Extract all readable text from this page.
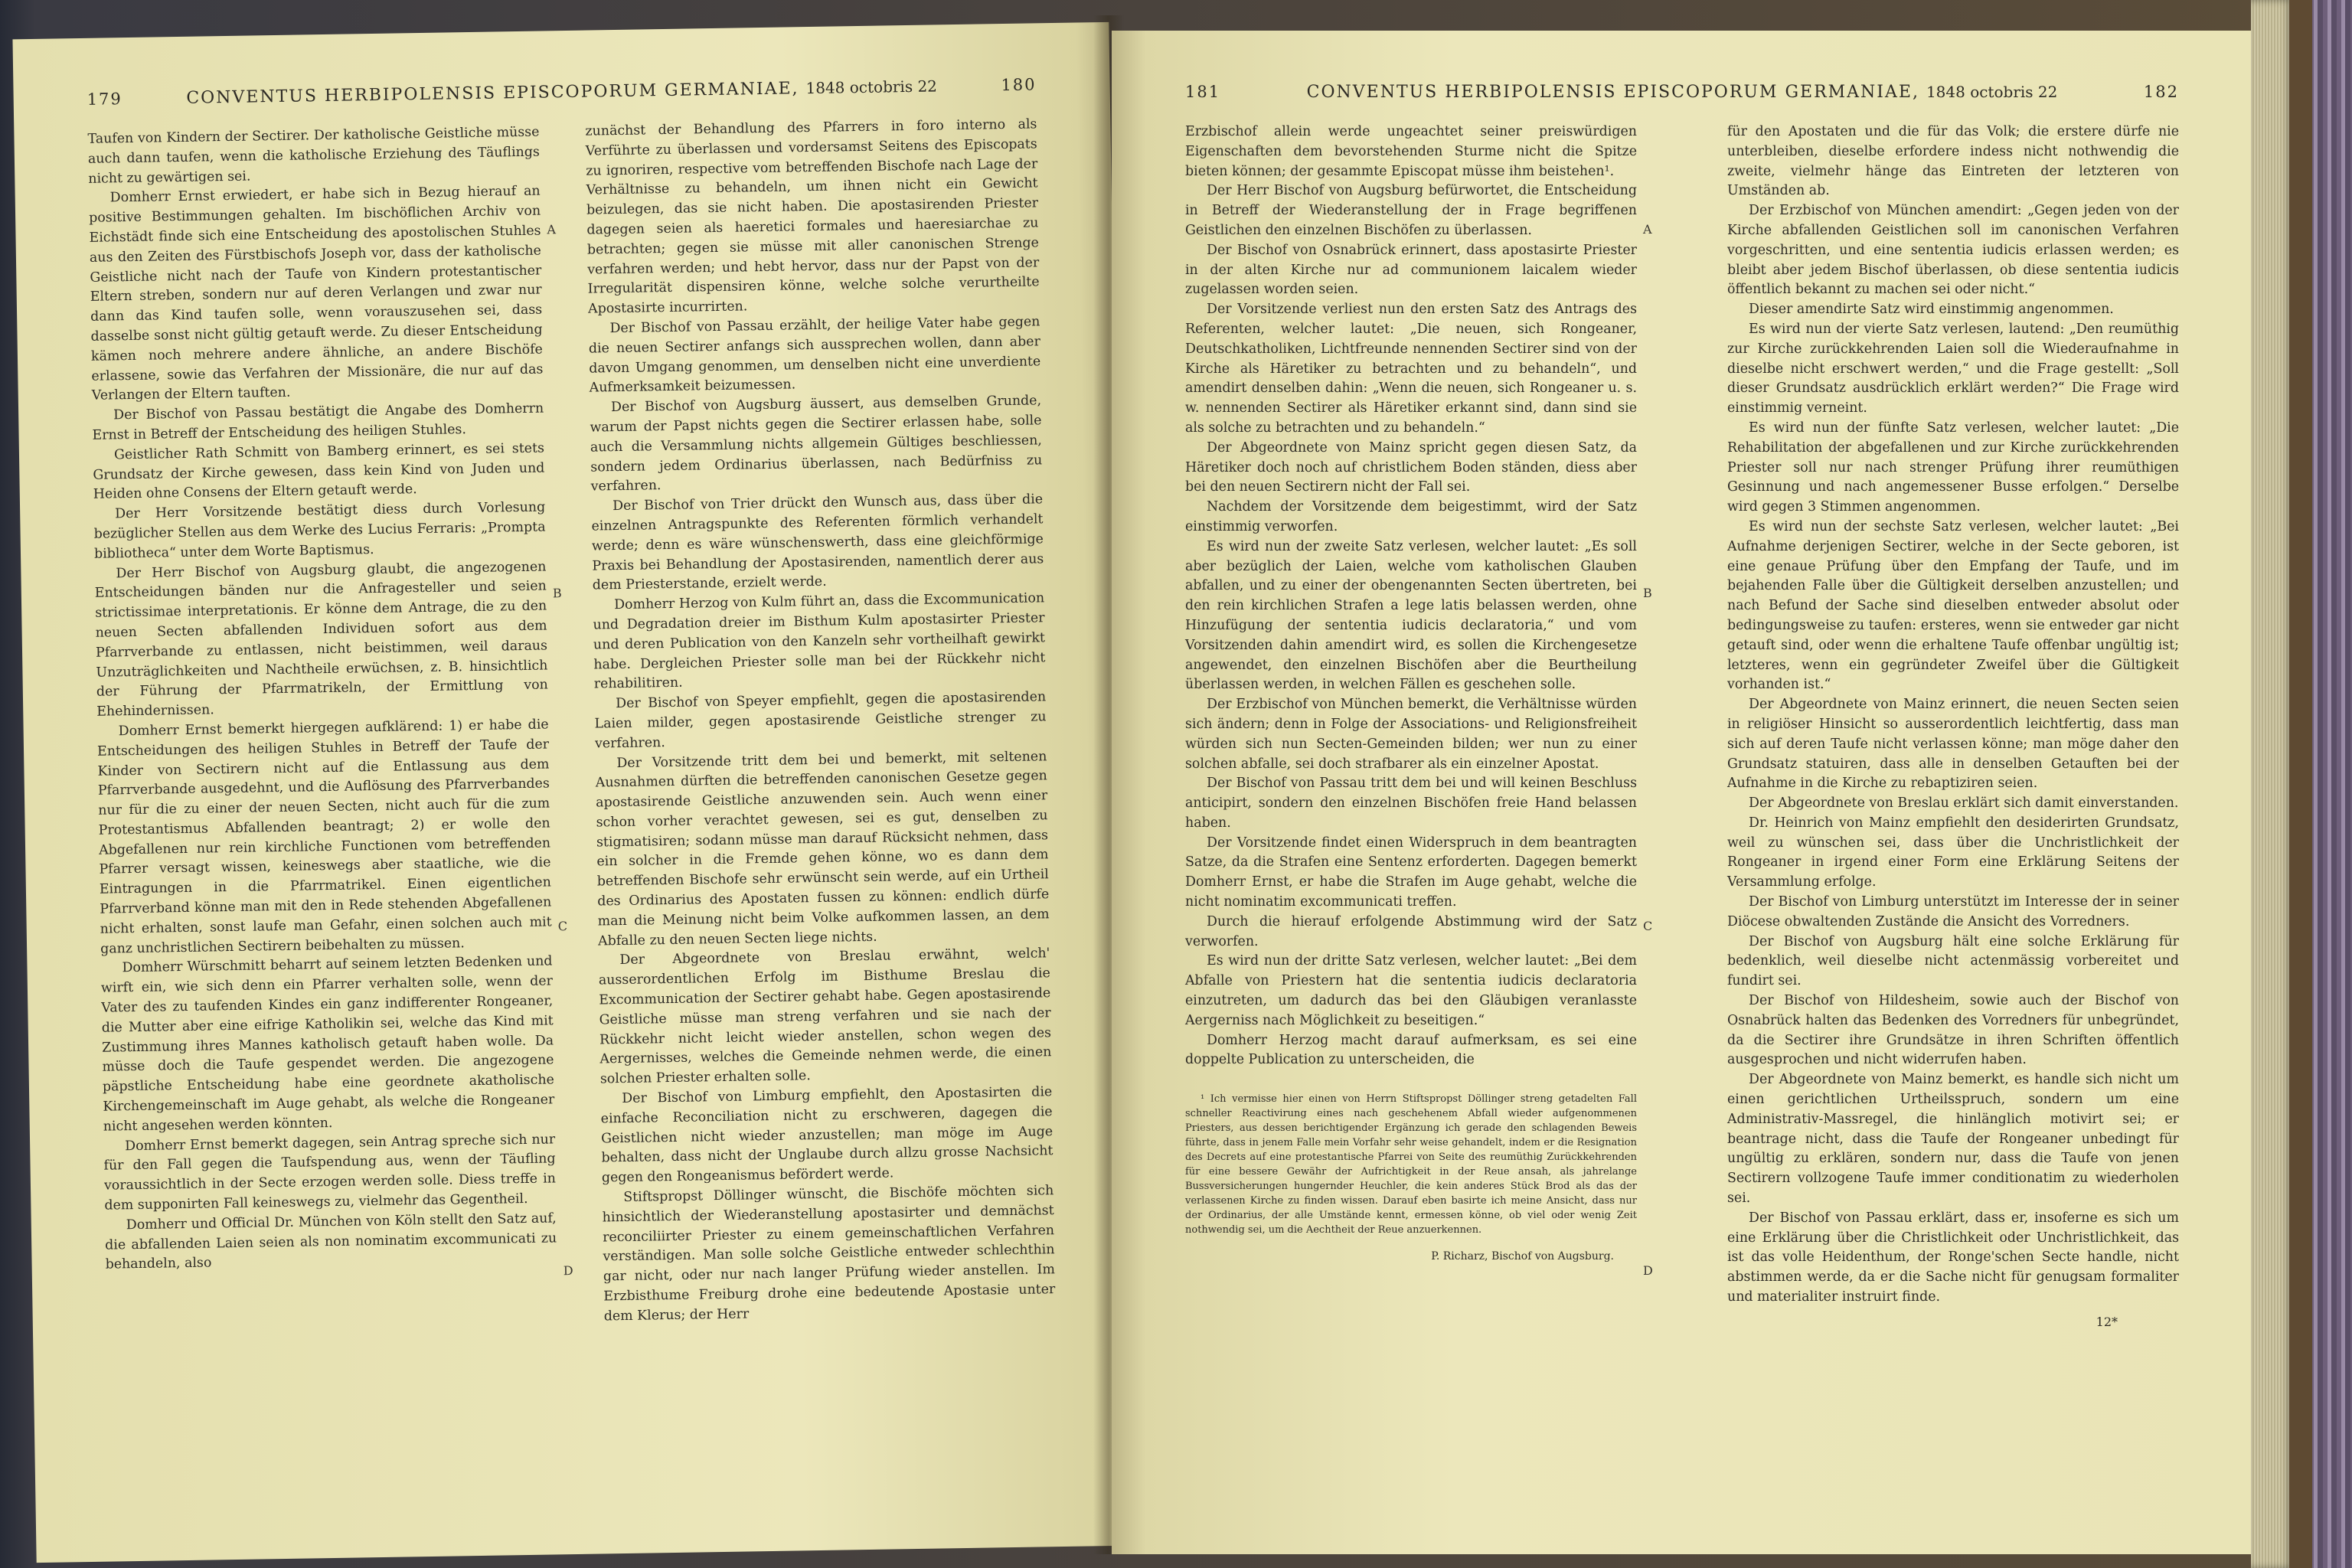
179	CONVENTUS HERBIPOLENSIS EPISCOPORUM GERMANIAE, 1848 octobris 22	180

Taufen von Kindern der Sectirer. Der katholische Geistliche müsse auch dann taufen, wenn die katholische Erziehung des Täuflings nicht zu gewärtigen sei.

Domherr Ernst erwiedert, er habe sich in Bezug hierauf an positive Bestimmungen gehalten. Im bischöflichen Archiv von Eichstädt finde sich eine Entscheidung des apostolischen Stuhles aus den Zeiten des Fürstbischofs Joseph vor, dass der katholische Geistliche nicht nach der Taufe von Kindern protestantischer Eltern streben, sondern nur auf deren Verlangen und zwar nur dann das Kind taufen solle, wenn vorauszusehen sei, dass dasselbe sonst nicht gültig getauft werde. Zu dieser Entscheidung kämen noch mehrere andere ähnliche, an andere Bischöfe erlassene, sowie das Verfahren der Missionäre, die nur auf das Verlangen der Eltern tauften.

Der Bischof von Passau bestätigt die Angabe des Domherrn Ernst in Betreff der Entscheidung des heiligen Stuhles.

Geistlicher Rath Schmitt von Bamberg erinnert, es sei stets Grundsatz der Kirche gewesen, dass kein Kind von Juden und Heiden ohne Consens der Eltern getauft werde.

Der Herr Vorsitzende bestätigt diess durch Vorlesung bezüglicher Stellen aus dem Werke des Lucius Ferraris: „Prompta bibliotheca“ unter dem Worte Baptismus.

Der Herr Bischof von Augsburg glaubt, die angezogenen Entscheidungen bänden nur die Anfragesteller und seien strictissimae interpretationis. Er könne dem Antrage, die zu den neuen Secten abfallenden Individuen sofort aus dem Pfarrverbande zu entlassen, nicht beistimmen, weil daraus Unzuträglichkeiten und Nachtheile erwüchsen, z. B. hinsichtlich der Führung der Pfarrmatrikeln, der Ermittlung von Ehehindernissen.

Domherr Ernst bemerkt hiergegen aufklärend: 1) er habe die Entscheidungen des heiligen Stuhles in Betreff der Taufe der Kinder von Sectirern nicht auf die Entlassung aus dem Pfarrverbande ausgedehnt, und die Auflösung des Pfarrverbandes nur für die zu einer der neuen Secten, nicht auch für die zum Protestantismus Abfallenden beantragt; 2) er wolle den Abgefallenen nur rein kirchliche Functionen vom betreffenden Pfarrer versagt wissen, keineswegs aber staatliche, wie die Eintragungen in die Pfarrmatrikel. Einen eigentlichen Pfarrverband könne man mit den in Rede stehenden Abgefallenen nicht erhalten, sonst laufe man Gefahr, einen solchen auch mit ganz unchristlichen Sectirern beibehalten zu müssen.

Domherr Würschmitt beharrt auf seinem letzten Bedenken und wirft ein, wie sich denn ein Pfarrer verhalten solle, wenn der Vater des zu taufenden Kindes ein ganz indifferenter Rongeaner, die Mutter aber eine eifrige Katholikin sei, welche das Kind mit Zustimmung ihres Mannes katholisch getauft haben wolle. Da müsse doch die Taufe gespendet werden. Die angezogene päpstliche Entscheidung habe eine geordnete akatholische Kirchengemeinschaft im Auge gehabt, als welche die Rongeaner nicht angesehen werden könnten.

Domherr Ernst bemerkt dagegen, sein Antrag spreche sich nur für den Fall gegen die Taufspendung aus, wenn der Täufling voraussichtlich in der Secte erzogen werden solle. Diess treffe in dem supponirten Fall keineswegs zu, vielmehr das Gegentheil.

Domherr und Official Dr. München von Köln stellt den Satz auf, die abfallenden Laien seien als non nominatim excommunicati zu behandeln, also

zunächst der Behandlung des Pfarrers in foro interno als Verführte zu überlassen und vordersamst Seitens des Episcopats zu ignoriren, respective vom betreffenden Bischofe nach Lage der Verhältnisse zu behandeln, um ihnen nicht ein Gewicht beizulegen, das sie nicht haben. Die apostasirenden Priester dagegen seien als haeretici formales und haeresiarchae zu betrachten; gegen sie müsse mit aller canonischen Strenge verfahren werden; und hebt hervor, dass nur der Papst von der Irregularität dispensiren könne, welche solche verurtheilte Apostasirte incurrirten.

Der Bischof von Passau erzählt, der heilige Vater habe gegen die neuen Sectirer anfangs sich aussprechen wollen, dann aber davon Umgang genommen, um denselben nicht eine unverdiente Aufmerksamkeit beizumessen.

Der Bischof von Augsburg äussert, aus demselben Grunde, warum der Papst nichts gegen die Sectirer erlassen habe, solle auch die Versammlung nichts allgemein Gültiges beschliessen, sondern jedem Ordinarius überlassen, nach Bedürfniss zu verfahren.

Der Bischof von Trier drückt den Wunsch aus, dass über die einzelnen Antragspunkte des Referenten förmlich verhandelt werde; denn es wäre wünschenswerth, dass eine gleichförmige Praxis bei Behandlung der Apostasirenden, namentlich derer aus dem Priesterstande, erzielt werde.

Domherr Herzog von Kulm führt an, dass die Excommunication und Degradation dreier im Bisthum Kulm apostasirter Priester und deren Publication von den Kanzeln sehr vortheilhaft gewirkt habe. Dergleichen Priester solle man bei der Rückkehr nicht rehabilitiren.

Der Bischof von Speyer empfiehlt, gegen die apostasirenden Laien milder, gegen apostasirende Geistliche strenger zu verfahren.

Der Vorsitzende tritt dem bei und bemerkt, mit seltenen Ausnahmen dürften die betreffenden canonischen Gesetze gegen apostasirende Geistliche anzuwenden sein. Auch wenn einer schon vorher verachtet gewesen, sei es gut, denselben zu stigmatisiren; sodann müsse man darauf Rücksicht nehmen, dass ein solcher in die Fremde gehen könne, wo es dann dem betreffenden Bischofe sehr erwünscht sein werde, auf ein Urtheil des Ordinarius des Apostaten fussen zu können: endlich dürfe man die Meinung nicht beim Volke aufkommen lassen, an dem Abfalle zu den neuen Secten liege nichts.

Der Abgeordnete von Breslau erwähnt, welch' ausserordentlichen Erfolg im Bisthume Breslau die Excommunication der Sectirer gehabt habe. Gegen apostasirende Geistliche müsse man streng verfahren und sie nach der Rückkehr nicht leicht wieder anstellen, schon wegen des Aergernisses, welches die Gemeinde nehmen werde, die einen solchen Priester erhalten solle.

Der Bischof von Limburg empfiehlt, den Apostasirten die einfache Reconciliation nicht zu erschweren, dagegen die Geistlichen nicht wieder anzustellen; man möge im Auge behalten, dass nicht der Unglaube durch allzu grosse Nachsicht gegen den Rongeanismus befördert werde.

Stiftspropst Döllinger wünscht, die Bischöfe möchten sich hinsichtlich der Wiederanstellung apostasirter und demnächst reconciliirter Priester zu einem gemeinschaftlichen Verfahren verständigen. Man solle solche Geistliche entweder schlechthin gar nicht, oder nur nach langer Prüfung wieder anstellen. Im Erzbisthume Freiburg drohe eine bedeutende Apostasie unter dem Klerus; der Herr

A
B
C
D
181	CONVENTUS HERBIPOLENSIS EPISCOPORUM GERMANIAE, 1848 octobris 22	182

Erzbischof allein werde ungeachtet seiner preiswürdigen Eigenschaften dem bevorstehenden Sturme nicht die Spitze bieten können; der gesammte Episcopat müsse ihm beistehen¹.

Der Herr Bischof von Augsburg befürwortet, die Entscheidung in Betreff der Wiederanstellung der in Frage begriffenen Geistlichen den einzelnen Bischöfen zu überlassen.

Der Bischof von Osnabrück erinnert, dass apostasirte Priester in der alten Kirche nur ad communionem laicalem wieder zugelassen worden seien.

Der Vorsitzende verliest nun den ersten Satz des Antrags des Referenten, welcher lautet: „Die neuen, sich Rongeaner, Deutschkatholiken, Lichtfreunde nennenden Sectirer sind von der Kirche als Häretiker zu betrachten und zu behandeln“, und amendirt denselben dahin: „Wenn die neuen, sich Rongeaner u. s. w. nennenden Sectirer als Häretiker erkannt sind, dann sind sie als solche zu betrachten und zu behandeln.“

Der Abgeordnete von Mainz spricht gegen diesen Satz, da Häretiker doch noch auf christlichem Boden ständen, diess aber bei den neuen Sectirern nicht der Fall sei.

Nachdem der Vorsitzende dem beigestimmt, wird der Satz einstimmig verworfen.

Es wird nun der zweite Satz verlesen, welcher lautet: „Es soll aber bezüglich der Laien, welche vom katholischen Glauben abfallen, und zu einer der obengenannten Secten übertreten, bei den rein kirchlichen Strafen a lege latis belassen werden, ohne Hinzufügung der sententia iudicis declaratoria,“ und vom Vorsitzenden dahin amendirt wird, es sollen die Kirchengesetze angewendet, den einzelnen Bischöfen aber die Beurtheilung überlassen werden, in welchen Fällen es geschehen solle.

Der Erzbischof von München bemerkt, die Verhältnisse würden sich ändern; denn in Folge der Associations- und Religionsfreiheit würden sich nun Secten-Gemeinden bilden; wer nun zu einer solchen abfalle, sei doch strafbarer als ein einzelner Apostat.

Der Bischof von Passau tritt dem bei und will keinen Beschluss anticipirt, sondern den einzelnen Bischöfen freie Hand belassen haben.

Der Vorsitzende findet einen Widerspruch in dem beantragten Satze, da die Strafen eine Sentenz erforderten. Dagegen bemerkt Domherr Ernst, er habe die Strafen im Auge gehabt, welche die nicht nominatim excommunicati treffen.

Durch die hierauf erfolgende Abstimmung wird der Satz verworfen.

Es wird nun der dritte Satz verlesen, welcher lautet: „Bei dem Abfalle von Priestern hat die sententia iudicis declaratoria einzutreten, um dadurch das bei den Gläubigen veranlasste Aergerniss nach Möglichkeit zu beseitigen.“

Domherr Herzog macht darauf aufmerksam, es sei eine doppelte Publication zu unterscheiden, die

¹ Ich vermisse hier einen von Herrn Stiftspropst Döllinger streng getadelten Fall schneller Reactivirung eines nach geschehenem Abfall wieder aufgenommenen Priesters, aus dessen berichtigender Ergänzung ich gerade den schlagenden Beweis führte, dass in jenem Falle mein Vorfahr sehr weise gehandelt, indem er die Resignation des Decrets auf eine protestantische Pfarrei von Seite des reumüthig Zurückkehrenden für eine bessere Gewähr der Aufrichtigkeit in der Reue ansah, als jahrelange Bussversicherungen hungernder Heuchler, die kein anderes Stück Brod als das der verlassenen Kirche zu finden wissen. Darauf eben basirte ich meine Ansicht, dass nur der Ordinarius, der alle Umstände kennt, ermessen könne, ob viel oder wenig Zeit nothwendig sei, um die Aechtheit der Reue anzuerkennen.

P. Richarz, Bischof von Augsburg.

für den Apostaten und die für das Volk; die erstere dürfe nie unterbleiben, dieselbe erfordere indess nicht nothwendig die zweite, vielmehr hänge das Eintreten der letzteren von Umständen ab.

Der Erzbischof von München amendirt: „Gegen jeden von der Kirche abfallenden Geistlichen soll im canonischen Verfahren vorgeschritten, und eine sententia iudicis erlassen werden; es bleibt aber jedem Bischof überlassen, ob diese sententia iudicis öffentlich bekannt zu machen sei oder nicht.“

Dieser amendirte Satz wird einstimmig angenommen.

Es wird nun der vierte Satz verlesen, lautend: „Den reumüthig zur Kirche zurückkehrenden Laien soll die Wiederaufnahme in dieselbe nicht erschwert werden,“ und die Frage gestellt: „Soll dieser Grundsatz ausdrücklich erklärt werden?“ Die Frage wird einstimmig verneint.

Es wird nun der fünfte Satz verlesen, welcher lautet: „Die Rehabilitation der abgefallenen und zur Kirche zurückkehrenden Priester soll nur nach strenger Prüfung ihrer reumüthigen Gesinnung und nach angemessener Busse erfolgen.“ Derselbe wird gegen 3 Stimmen angenommen.

Es wird nun der sechste Satz verlesen, welcher lautet: „Bei Aufnahme derjenigen Sectirer, welche in der Secte geboren, ist eine genaue Prüfung über den Empfang der Taufe, und im bejahenden Falle über die Gültigkeit derselben anzustellen; und nach Befund der Sache sind dieselben entweder absolut oder bedingungsweise zu taufen: ersteres, wenn sie entweder gar nicht getauft sind, oder wenn die erhaltene Taufe offenbar ungültig ist; letzteres, wenn ein gegründeter Zweifel über die Gültigkeit vorhanden ist.“

Der Abgeordnete von Mainz erinnert, die neuen Secten seien in religiöser Hinsicht so ausserordentlich leichtfertig, dass man sich auf deren Taufe nicht verlassen könne; man möge daher den Grundsatz statuiren, dass alle in denselben Getauften bei der Aufnahme in die Kirche zu rebaptiziren seien.

Der Abgeordnete von Breslau erklärt sich damit einverstanden.

Dr. Heinrich von Mainz empfiehlt den desiderirten Grundsatz, weil zu wünschen sei, dass über die Unchristlichkeit der Rongeaner in irgend einer Form eine Erklärung Seitens der Versammlung erfolge.

Der Bischof von Limburg unterstützt im Interesse der in seiner Diöcese obwaltenden Zustände die Ansicht des Vorredners.

Der Bischof von Augsburg hält eine solche Erklärung für bedenklich, weil dieselbe nicht actenmässig vorbereitet und fundirt sei.

Der Bischof von Hildesheim, sowie auch der Bischof von Osnabrück halten das Bedenken des Vorredners für unbegründet, da die Sectirer ihre Grundsätze in ihren Schriften öffentlich ausgesprochen und nicht widerrufen haben.

Der Abgeordnete von Mainz bemerkt, es handle sich nicht um einen gerichtlichen Urtheilsspruch, sondern um eine Administrativ-Massregel, die hinlänglich motivirt sei; er beantrage nicht, dass die Taufe der Rongeaner unbedingt für ungültig zu erklären, sondern nur, dass die Taufe von jenen Sectirern vollzogene Taufe immer conditionatim zu wiederholen sei.

Der Bischof von Passau erklärt, dass er, insoferne es sich um eine Erklärung über die Christlichkeit oder Unchristlichkeit, das ist das volle Heidenthum, der Ronge'schen Secte handle, nicht abstimmen werde, da er die Sache nicht für genugsam formaliter und materialiter instruirt finde.

12*
A
B
C
D
